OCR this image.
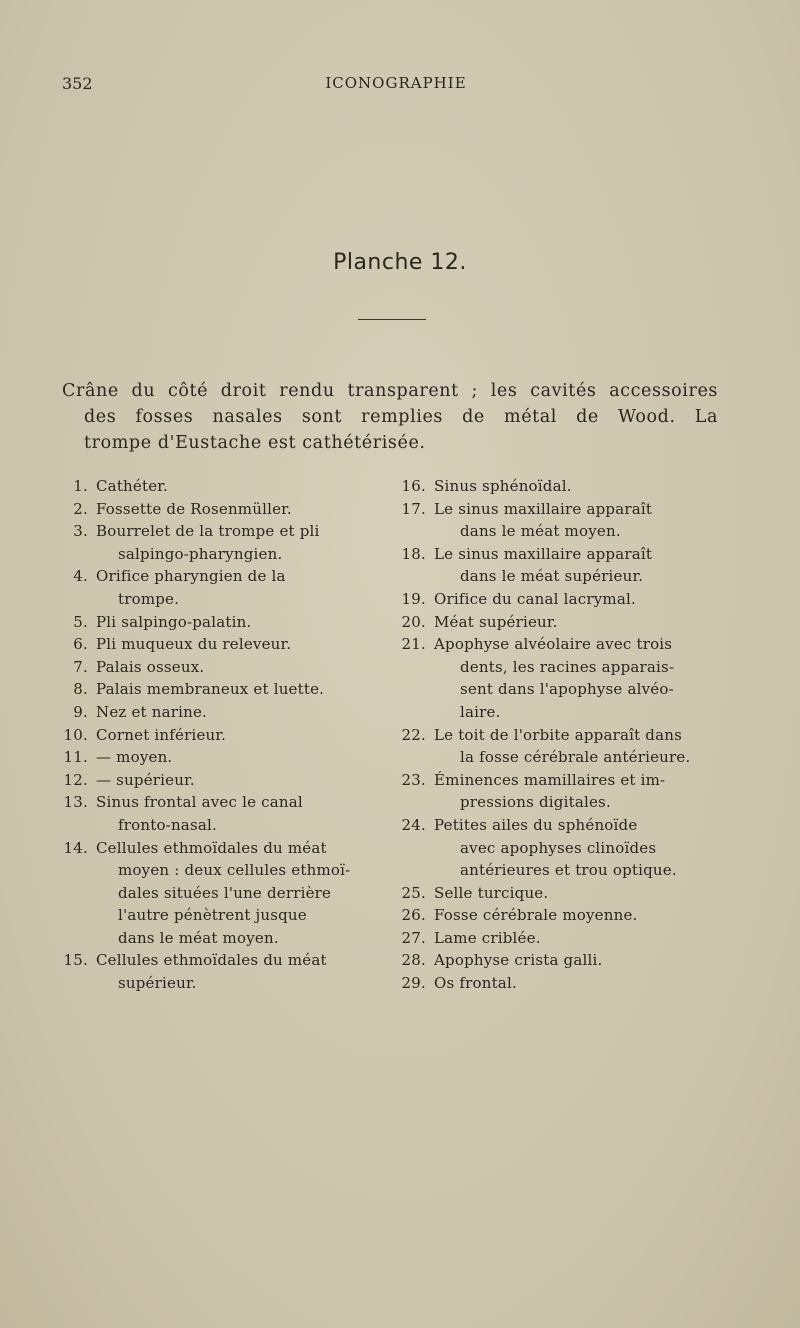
352	ICONOGRAPHIE
Planche 12.
Crâne du côté droit rendu transparent ; les cavités accessoires
des fosses nasales sont remplies de métal de Wood. La
trompe d'Eustache est cathétérisée.
1. Cathéter.
2. Fossette de Rosenmüller.
3. Bourrelet de la trompe et pli
salpingo-pharyngien.
4. Orifice pharyngien de la
trompe.
5. Pli salpingo-palatin.
6. Pli muqueux du releveur.
7. Palais osseux.
8. Palais membraneux et luette.
9. Nez et narine.
10. Cornet inférieur.
11. — moyen.
12. — supérieur.
13. Sinus frontal avec le canal
fronto-nasal.
14. Cellules ethmoïdales du méat
moyen : deux cellules ethmoï-
dales situées l'une derrière
l'autre pénètrent jusque
dans le méat moyen.
15. Cellules ethmoïdales du méat
supérieur.
16. Sinus sphénoïdal.
17. Le sinus maxillaire apparaît
dans le méat moyen.
18. Le sinus maxillaire apparaît
dans le méat supérieur.
19. Orifice du canal lacrymal.
20. Méat supérieur.
21. Apophyse alvéolaire avec trois
dents, les racines apparais-
sent dans l'apophyse alvéo-
laire.
22. Le toit de l'orbite apparaît dans
la fosse cérébrale antérieure.
23. Éminences mamillaires et im-
pressions digitales.
24. Petites ailes du sphénoïde
avec apophyses clinoïdes
antérieures et trou optique.
25. Selle turcique.
26. Fosse cérébrale moyenne.
27. Lame criblée.
28. Apophyse crista galli.
29. Os frontal.
